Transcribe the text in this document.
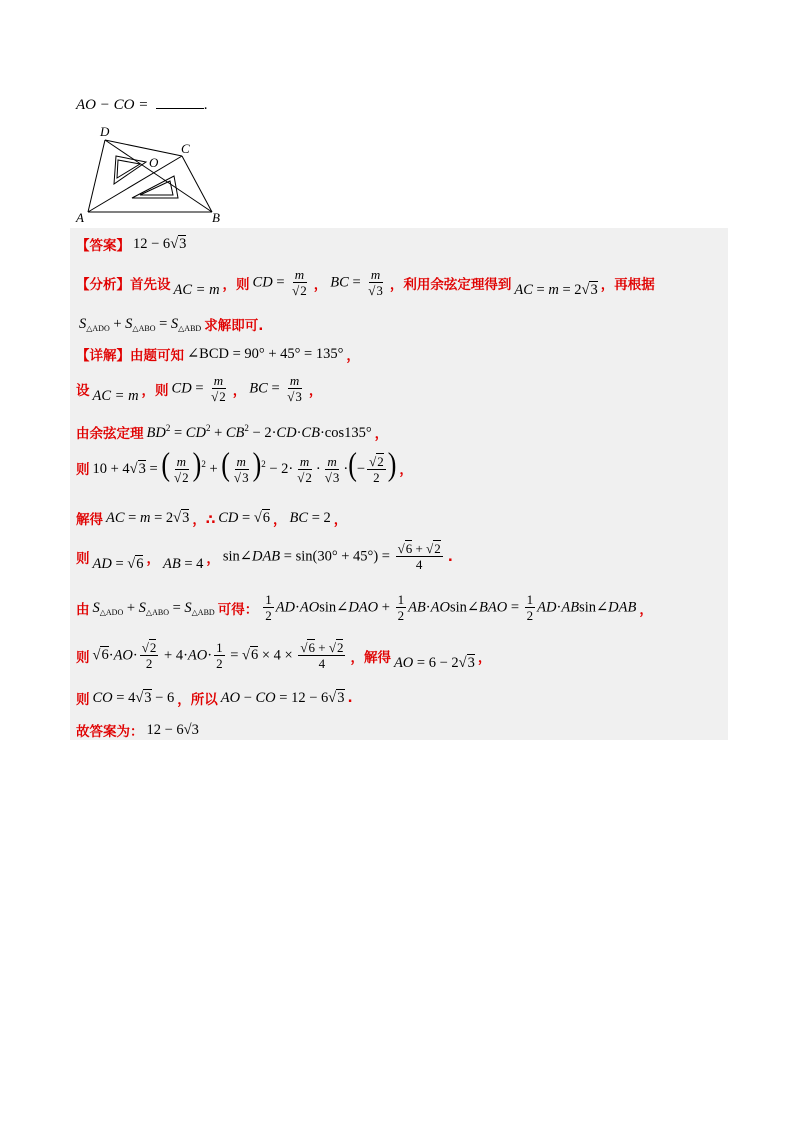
AO − CO =	.
D
C
O
A	B
【答案】 12 − 6√3
【分析】 首先设 AC = m ，则 CD = $\frac{m}{√2}$ ， BC = $\frac{m}{√3}$ ，利用余弦定理得到 AC = m = 2√3 ，再根据
$S_{\triangle ADO} + S_{\triangle ABO} = S_{\triangle ABD}$ 求解即可.
【详解】 由题可知 ∠BCD = 90° + 45° = 135° ，
设 AC = m ，则 CD = $\frac{m}{√2}$ ， BC = $\frac{m}{√3}$ ，
由余弦定理 $BD^2 = CD^2 + CB^2 - 2\cdot CD\cdot CB\cdot\cos 135^\circ$ ，
则 10 + 4√3 = ( $\frac{m}{√2} )^2$ + ( $\frac{m}{√3} )^2 - 2\cdot \frac{m}{√2} \cdot \frac{m}{√3}$ ·(− $\frac{√2}{2}$ ) ，
解得 AC = m = 2√3 ，∴ CD = √6 ， BC = 2 ，
则 AD = √6 ， AB = 4 ， sin∠DAB = $\sin(30^\circ + 45^\circ) = \frac{√6 + √2}{4}$ .
由 $S_{\triangle ADO} + S_{\triangle ABO} = S_{\triangle ABD}$ 可得： $\frac{1}{2}$ AD·AOsin∠DAO + $\frac{1}{2}$ AB·AOsin∠BAO = $\frac{1}{2}$ AD·ABsin∠DAB ，
则 $√6\cdot AO\cdot \frac{√2}{2} + 4\cdot AO\cdot \frac{1}{2} = √6 \times 4 \times \frac{√6 + √2}{4}$ ，解得 AO = 6 − 2√3 ，
则 CO = 4√3 − 6 ，所以 AO − CO = 12 − 6√3 .
故答案为： 12 − 6√3
